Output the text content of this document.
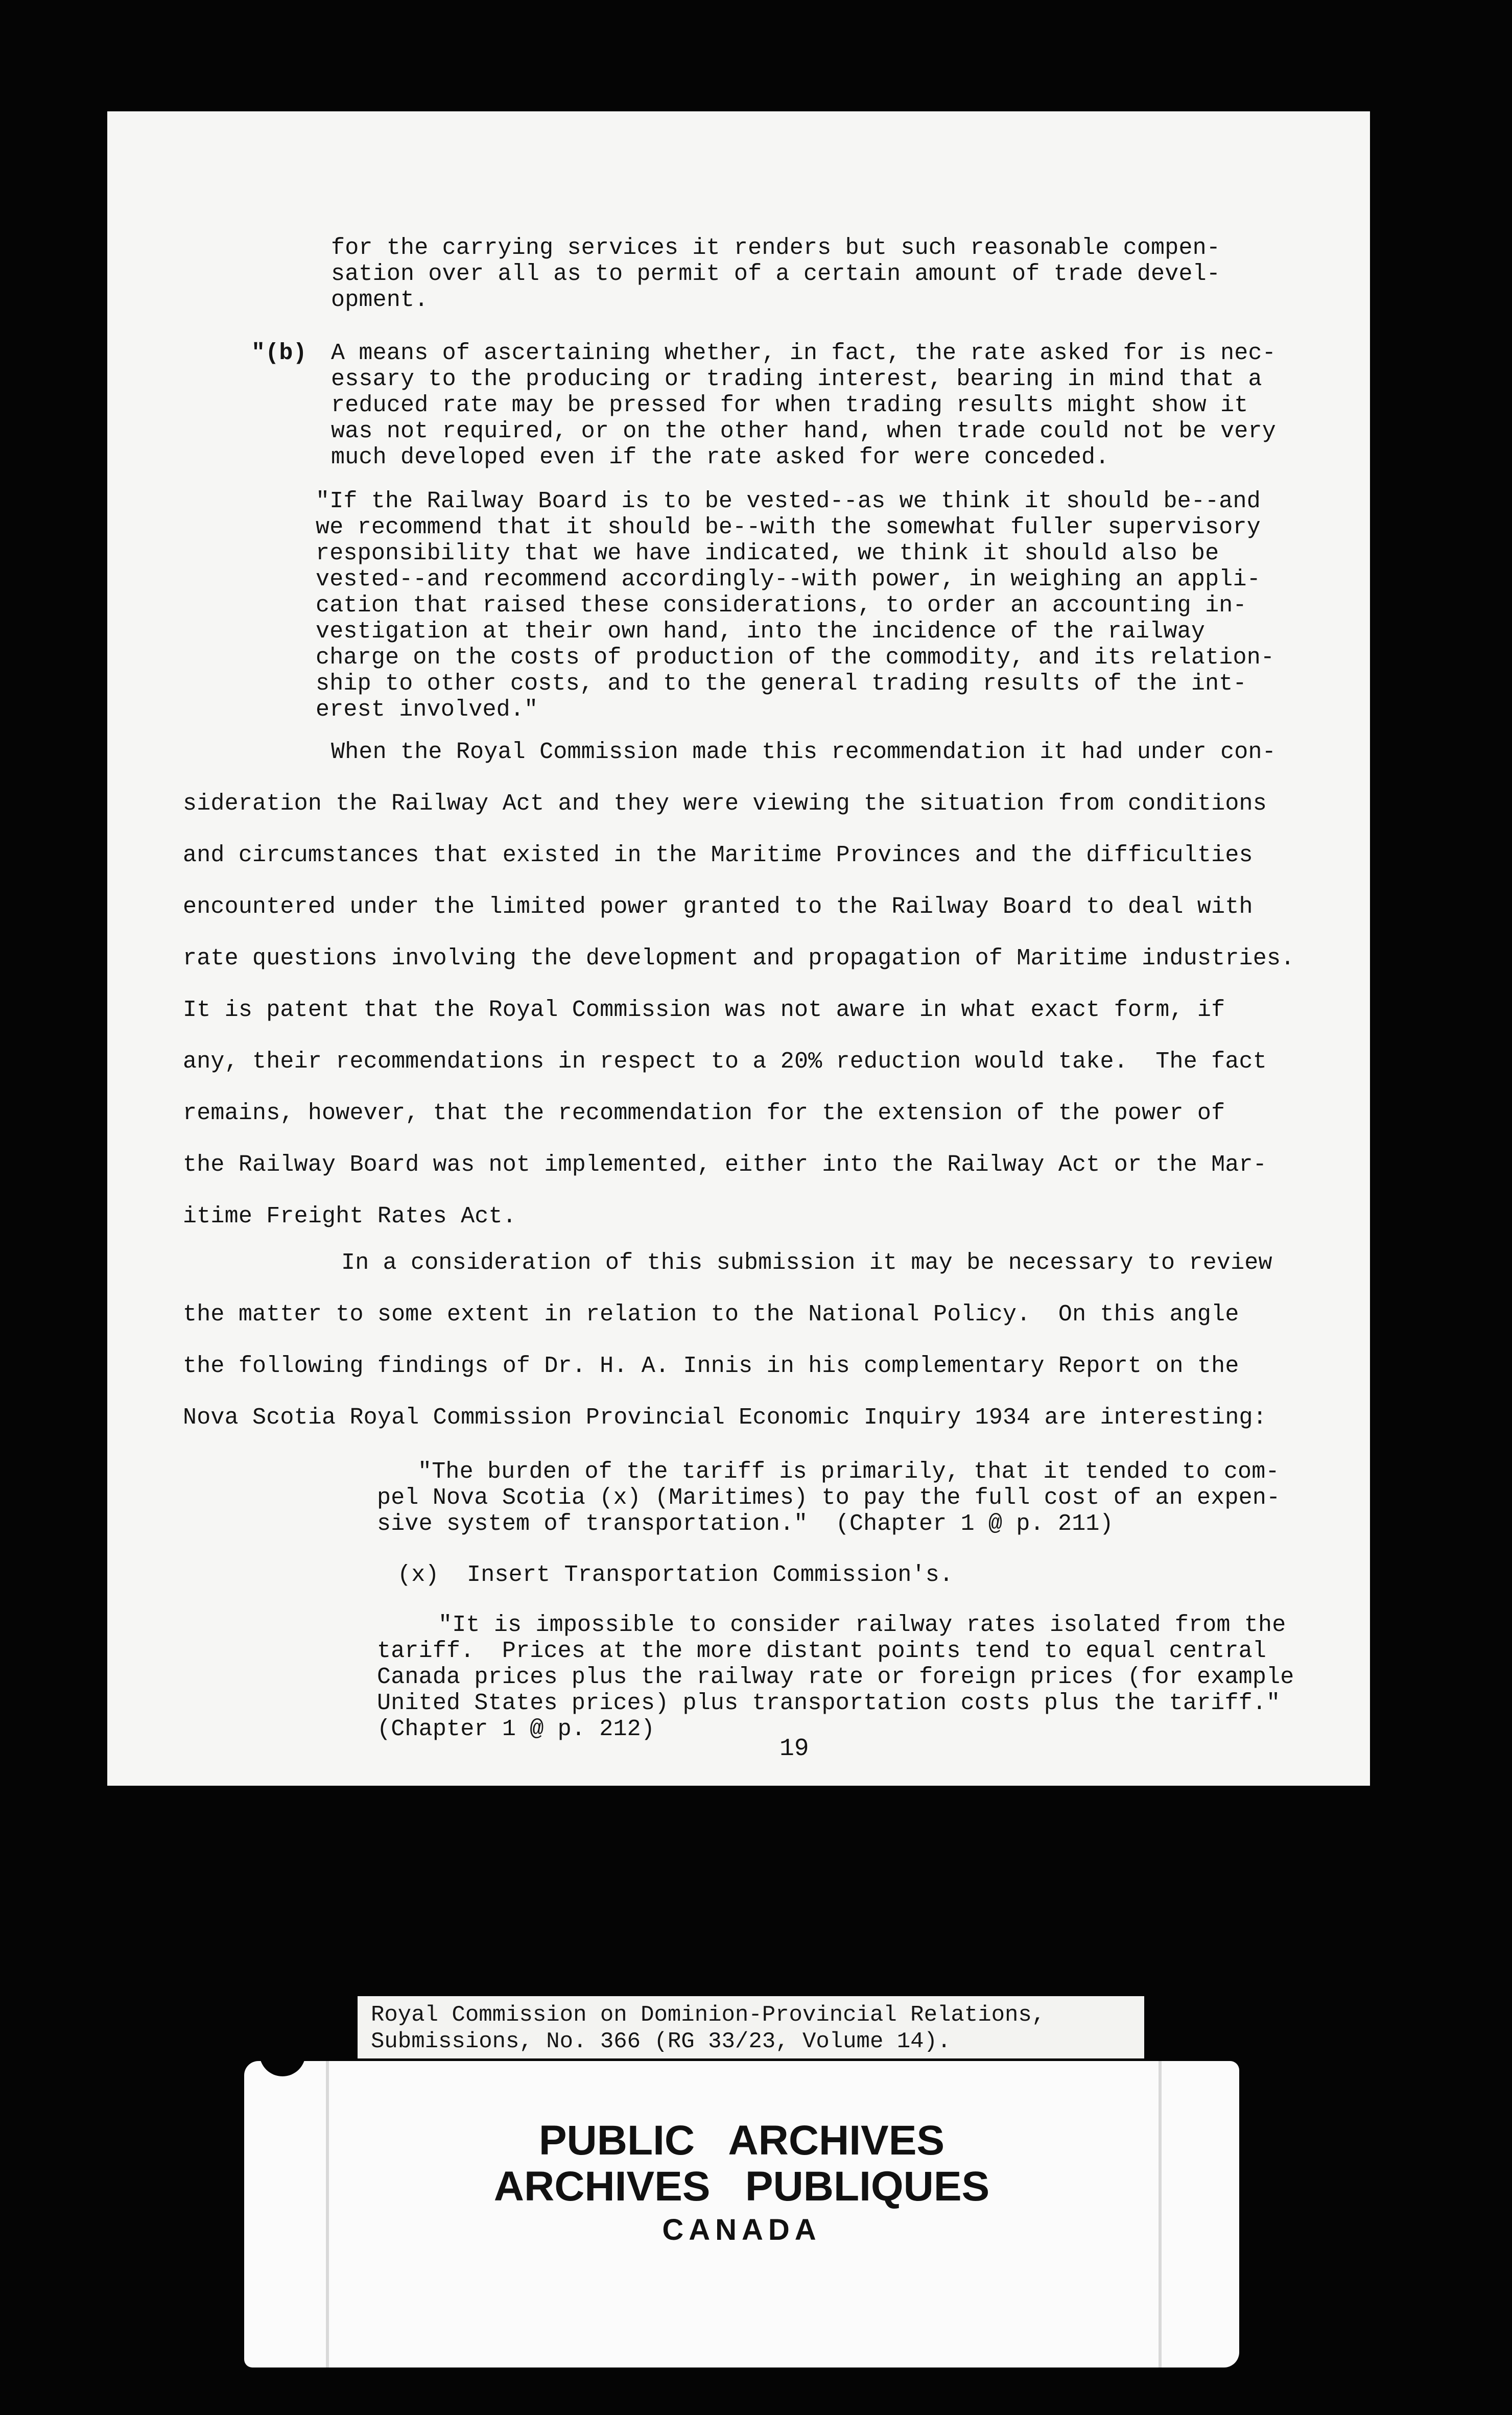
for the carrying services it renders but such reasonable compen-
sation over all as to permit of a certain amount of trade devel-
opment.

"(b) A means of ascertaining whether, in fact, the rate asked for is nec-
essary to the producing or trading interest, bearing in mind that a
reduced rate may be pressed for when trading results might show it
was not required, or on the other hand, when trade could not be very
much developed even if the rate asked for were conceded.

"If the Railway Board is to be vested--as we think it should be--and
we recommend that it should be--with the somewhat fuller supervisory
responsibility that we have indicated, we think it should also be
vested--and recommend accordingly--with power, in weighing an appli-
cation that raised these considerations, to order an accounting in-
vestigation at their own hand, into the incidence of the railway
charge on the costs of production of the commodity, and its relation-
ship to other costs, and to the general trading results of the int-
erest involved."

When the Royal Commission made this recommendation it had under con-
sideration the Railway Act and they were viewing the situation from conditions
and circumstances that existed in the Maritime Provinces and the difficulties
encountered under the limited power granted to the Railway Board to deal with
rate questions involving the development and propagation of Maritime industries.
It is patent that the Royal Commission was not aware in what exact form, if
any, their recommendations in respect to a 20% reduction would take.  The fact
remains, however, that the recommendation for the extension of the power of
the Railway Board was not implemented, either into the Railway Act or the Mar-
itime Freight Rates Act.

In a consideration of this submission it may be necessary to review
the matter to some extent in relation to the National Policy.  On this angle
the following findings of Dr. H. A. Innis in his complementary Report on the
Nova Scotia Royal Commission Provincial Economic Inquiry 1934 are interesting:

"The burden of the tariff is primarily, that it tended to com-
pel Nova Scotia (x) (Maritimes) to pay the full cost of an expen-
sive system of transportation."  (Chapter 1 @ p. 211)

(x)  Insert Transportation Commission's.

"It is impossible to consider railway rates isolated from the
tariff.  Prices at the more distant points tend to equal central
Canada prices plus the railway rate or foreign prices (for example
United States prices) plus transportation costs plus the tariff."
(Chapter 1 @ p. 212)

19

Royal Commission on Dominion-Provincial Relations,

Submissions, No. 366 (RG 33/23, Volume 14).

PUBLIC   ARCHIVES

ARCHIVES   PUBLIQUES

CANADA
